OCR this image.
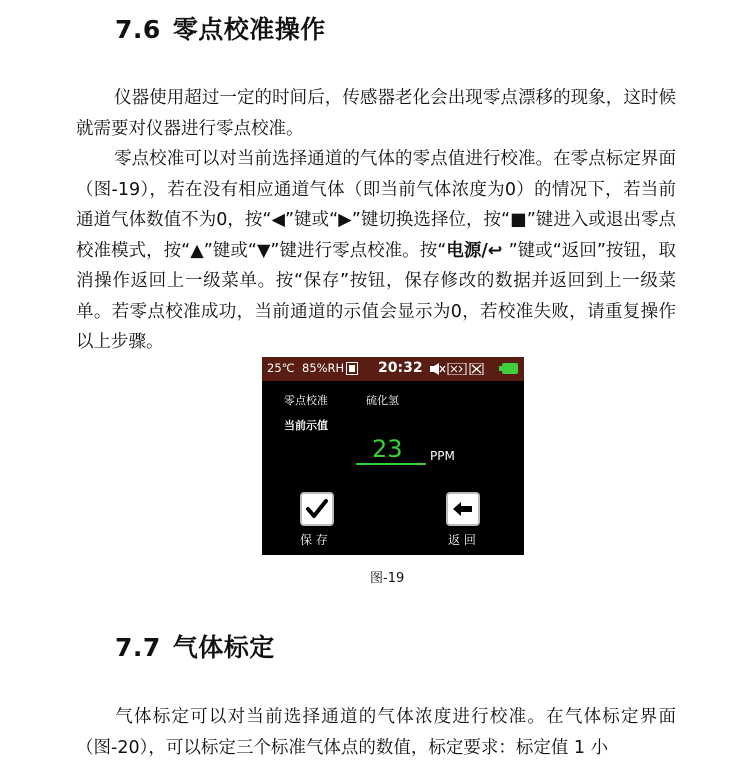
7.6 零点校准操作

仪器使用超过一定的时间后，传感器老化会出现零点漂移的现象，这时候就需要对仪器进行零点校准。

零点校准可以对当前选择通道的气体的零点值进行校准。在零点标定界面（图-19），若在没有相应通道气体（即当前气体浓度为0）的情况下，若当前通道气体数值不为0，按“◀”键或“▶”键切换选择位，按“■”键进入或退出零点校准模式，按“▲”键或“▼”键进行零点校准。按“电源/↩ ”键或“返回”按钮，取消操作返回上一级菜单。按“保存”按钮，保存修改的数据并返回到上一级菜单。若零点校准成功，当前通道的示值会显示为0，若校准失败，请重复操作以上步骤。

25℃ 85%RH 20:32
零点校准	硫化氢
当前示值
23 PPM
保 存	返 回

图-19

7.7 气体标定

气体标定可以对当前选择通道的气体浓度进行校准。在气体标定界面（图-20），可以标定三个标准气体点的数值，标定要求：标定值 1 小
